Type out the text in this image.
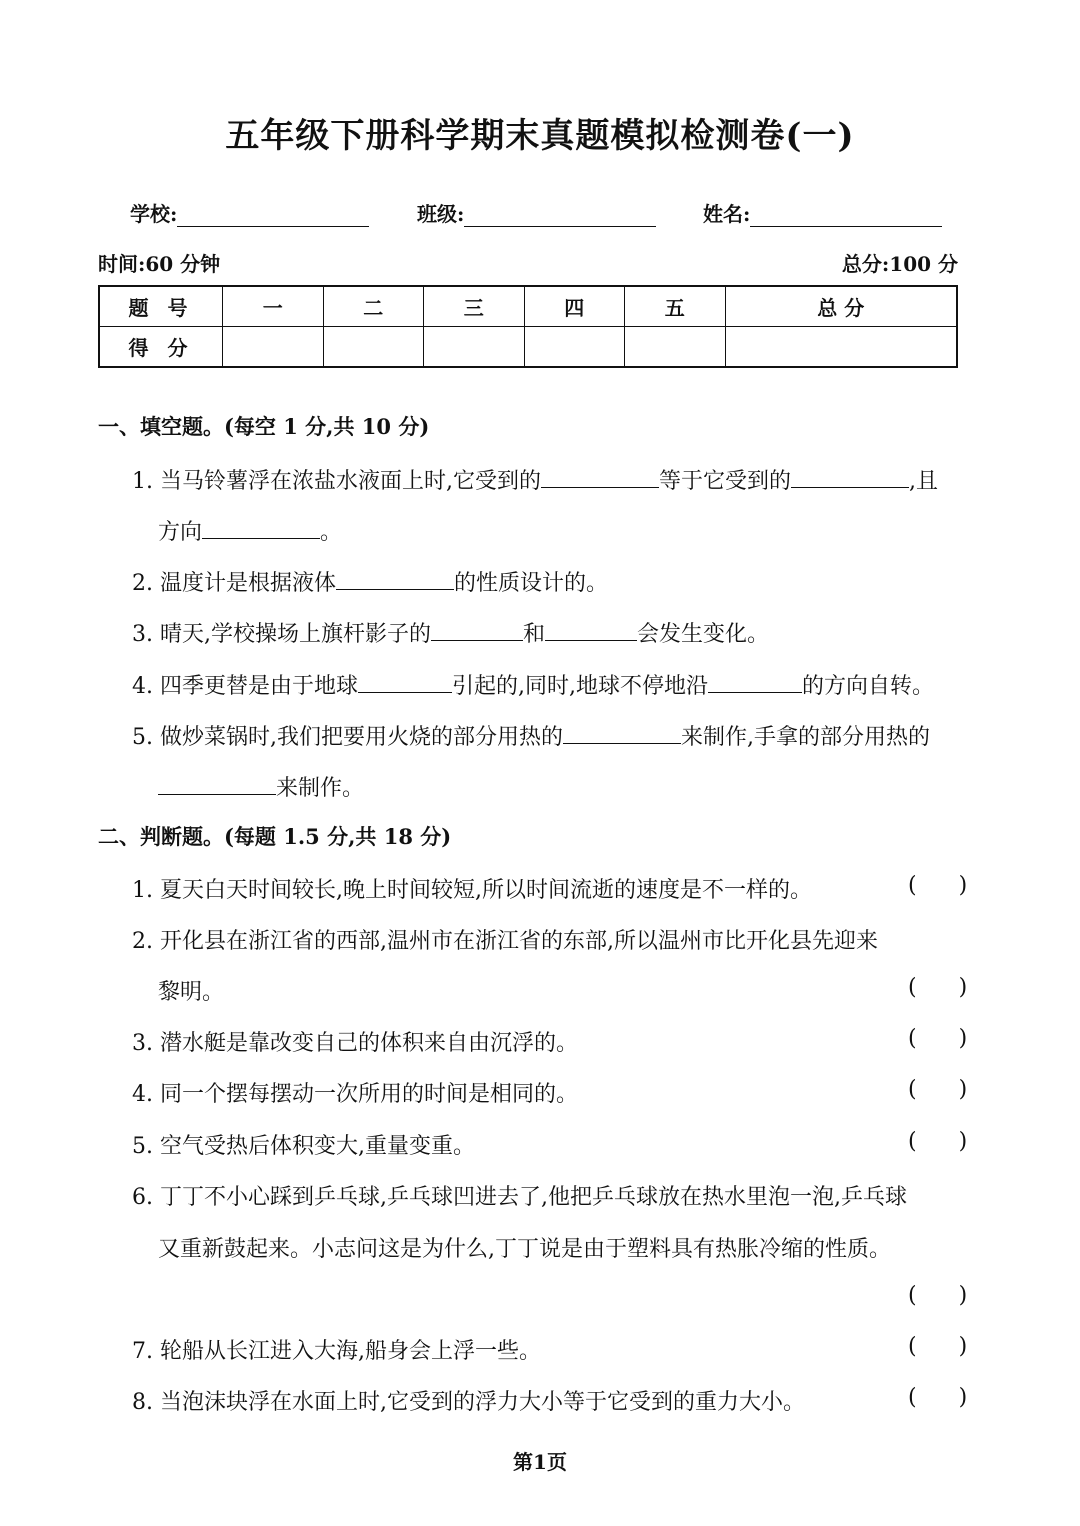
五年级下册科学期末真题模拟检测卷(一)
学校:	班级:	姓名:
时间:60 分钟	总分:100 分
题 号	一	二	三	四	五	总 分
得 分						
一、填空题。(每空 1 分,共 10 分)
1. 当马铃薯浮在浓盐水液面上时,它受到的	等于它受到的	,且
方向	。
2. 温度计是根据液体	的性质设计的。
3. 晴天,学校操场上旗杆影子的	和	会发生变化。
4. 四季更替是由于地球	引起的,同时,地球不停地沿	的方向自转。
5. 做炒菜锅时,我们把要用火烧的部分用热的	来制作,手拿的部分用热的
来制作。
二、判断题。(每题 1.5 分,共 18 分)
1. 夏天白天时间较长,晚上时间较短,所以时间流逝的速度是不一样的。	( )
2. 开化县在浙江省的西部,温州市在浙江省的东部,所以温州市比开化县先迎来
黎明。	( )
3. 潜水艇是靠改变自己的体积来自由沉浮的。	( )
4. 同一个摆每摆动一次所用的时间是相同的。	( )
5. 空气受热后体积变大,重量变重。	( )
6. 丁丁不小心踩到乒乓球,乒乓球凹进去了,他把乒乓球放在热水里泡一泡,乒乓球
又重新鼓起来。小志问这是为什么,丁丁说是由于塑料具有热胀冷缩的性质。
( )
7. 轮船从长江进入大海,船身会上浮一些。	( )
8. 当泡沫块浮在水面上时,它受到的浮力大小等于它受到的重力大小。	( )
第1页
